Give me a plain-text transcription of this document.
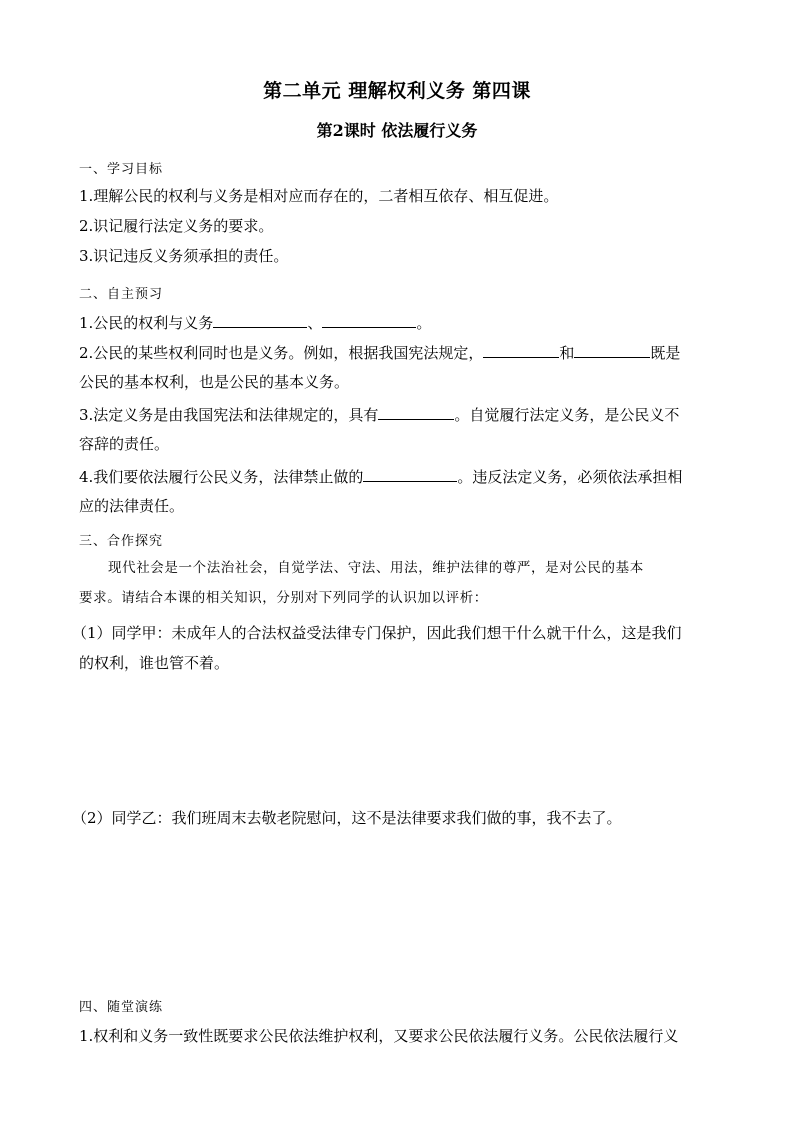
第二单元 理解权利义务 第四课
第2课时 依法履行义务
一、学习目标
1.理解公民的权利与义务是相对应而存在的，二者相互依存、相互促进。
2.识记履行法定义务的要求。
3.识记违反义务须承担的责任。
二、自主预习
1.公民的权利与义务	、	。
2.公民的某些权利同时也是义务。例如，根据我国宪法规定，	和	既是
公民的基本权利，也是公民的基本义务。
3.法定义务是由我国宪法和法律规定的，具有	。自觉履行法定义务，是公民义不
容辞的责任。
4.我们要依法履行公民义务，法律禁止做的	。违反法定义务，必须依法承担相
应的法律责任。
三、合作探究
现代社会是一个法治社会，自觉学法、守法、用法，维护法律的尊严，是对公民的基本
要求。请结合本课的相关知识，分别对下列同学的认识加以评析：
（1）同学甲：未成年人的合法权益受法律专门保护，因此我们想干什么就干什么，这是我们
的权利，谁也管不着。
（2）同学乙：我们班周末去敬老院慰问，这不是法律要求我们做的事，我不去了。
四、随堂演练
1.权利和义务一致性既要求公民依法维护权利，又要求公民依法履行义务。公民依法履行义
